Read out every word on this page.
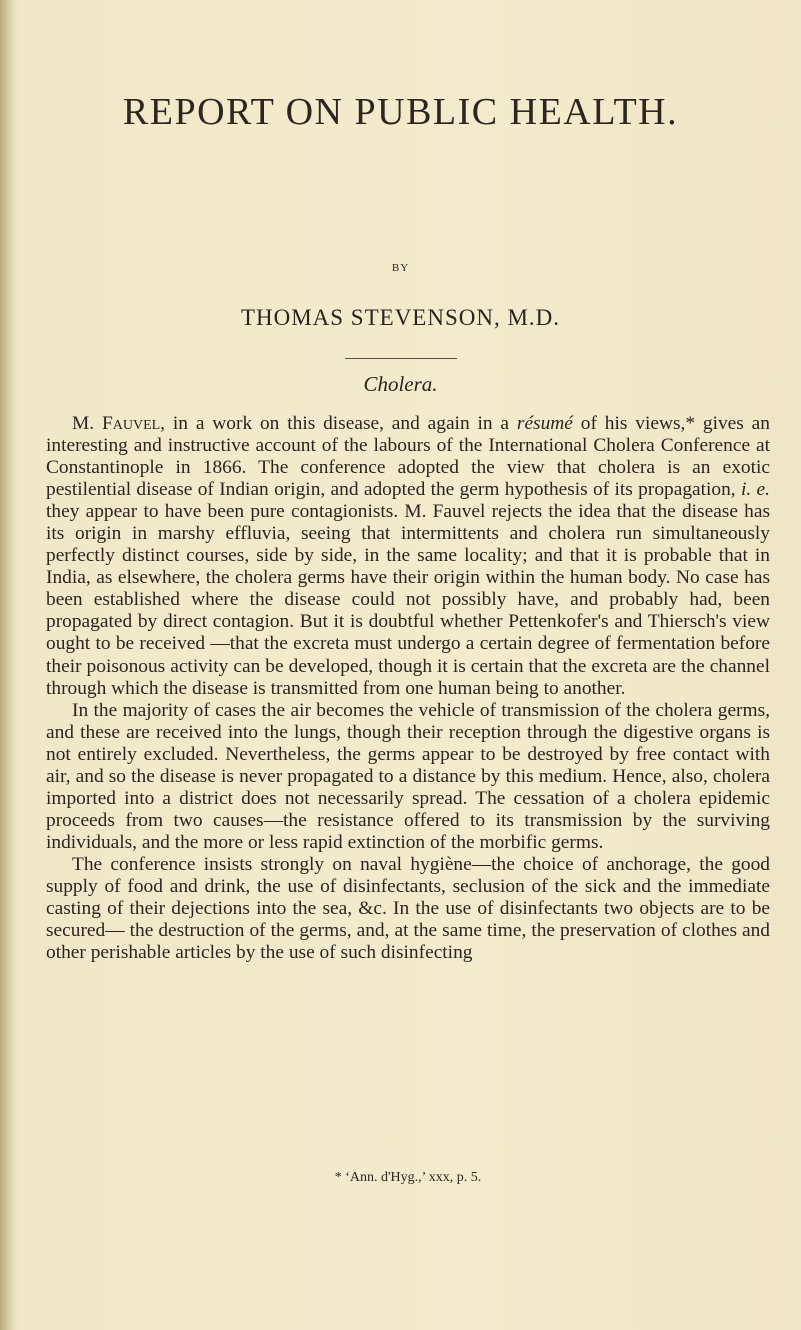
REPORT ON PUBLIC HEALTH.
BY
THOMAS STEVENSON, M.D.
Cholera.

M. Fauvel, in a work on this disease, and again in a résumé of his views,* gives an interesting and instructive account of the labours of the International Cholera Conference at Constantinople in 1866. The conference adopted the view that cholera is an exotic pestilential disease of Indian origin, and adopted the germ hypothesis of its propagation, i. e. they appear to have been pure contagionists. M. Fauvel rejects the idea that the disease has its origin in marshy effluvia, seeing that intermittents and cholera run simultaneously perfectly distinct courses, side by side, in the same locality; and that it is probable that in India, as elsewhere, the cholera germs have their origin within the human body. No case has been established where the disease could not possibly have, and probably had, been propagated by direct contagion. But it is doubtful whether Pettenkofer's and Thiersch's view ought to be received —that the excreta must undergo a certain degree of fermentation before their poisonous activity can be developed, though it is certain that the excreta are the channel through which the disease is transmitted from one human being to another.

In the majority of cases the air becomes the vehicle of transmission of the cholera germs, and these are received into the lungs, though their reception through the digestive organs is not entirely excluded. Nevertheless, the germs appear to be destroyed by free contact with air, and so the disease is never propagated to a distance by this medium. Hence, also, cholera imported into a district does not necessarily spread. The cessation of a cholera epidemic proceeds from two causes—the resistance offered to its transmission by the surviving individuals, and the more or less rapid extinction of the morbific germs.

The conference insists strongly on naval hygiène—the choice of anchorage, the good supply of food and drink, the use of disinfectants, seclusion of the sick and the immediate casting of their dejections into the sea, &c. In the use of disinfectants two objects are to be secured— the destruction of the germs, and, at the same time, the preservation of clothes and other perishable articles by the use of such disinfecting

* ‘Ann. d'Hyg.,’ xxx, p. 5.
